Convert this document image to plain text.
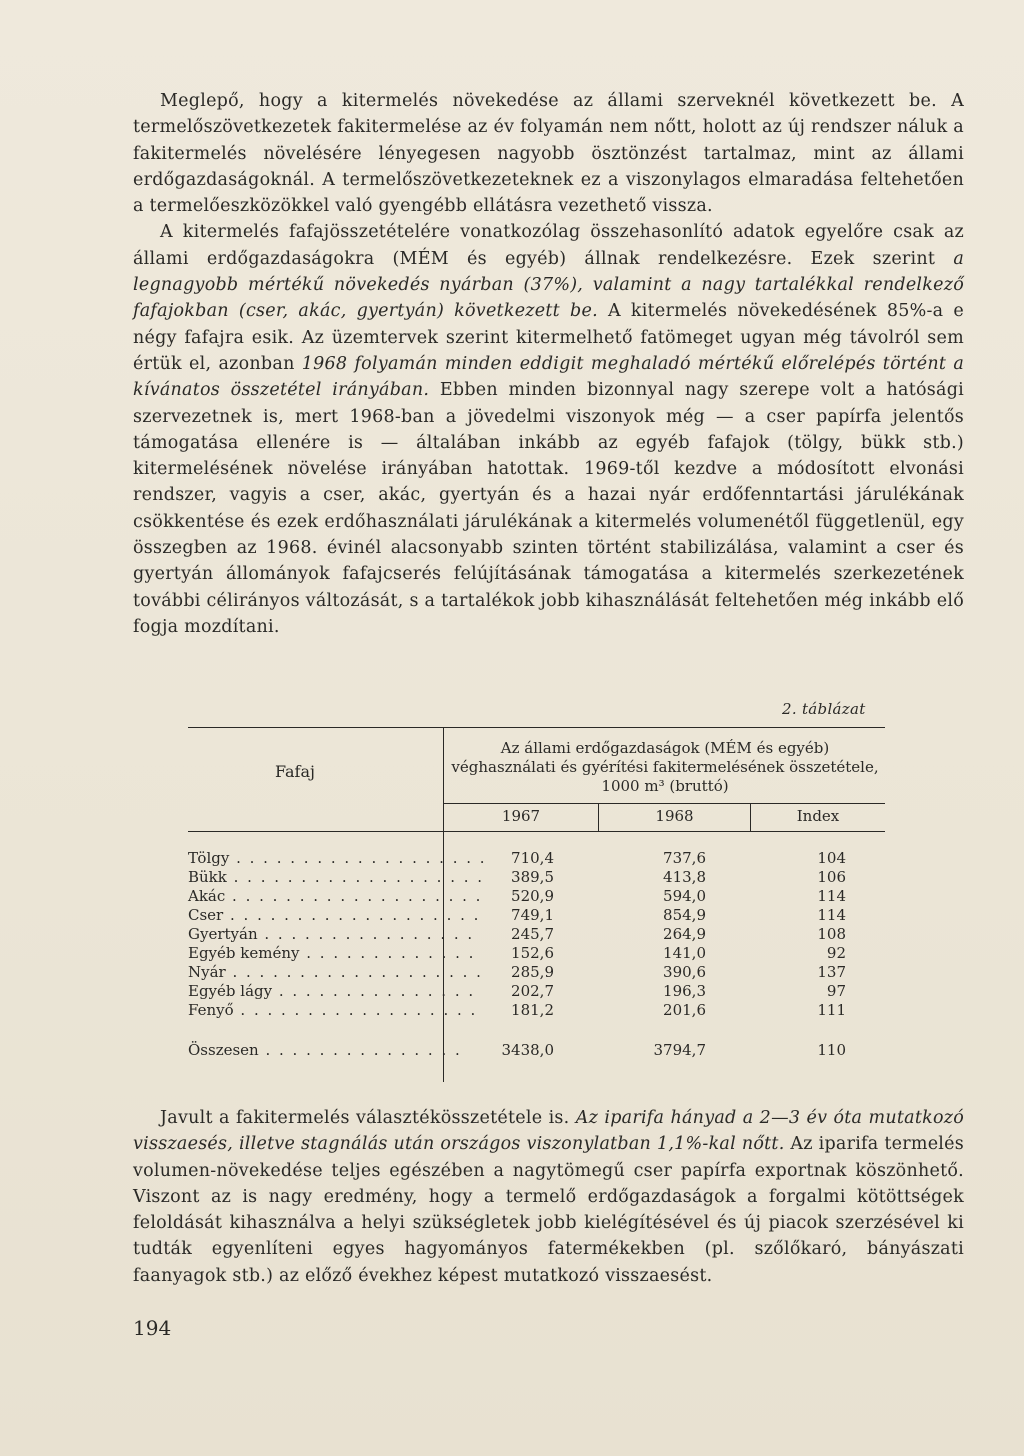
Meglepő, hogy a kitermelés növekedése az állami szerveknél következett be. A termelőszövetkezetek fakitermelése az év folyamán nem nőtt, holott az új rendszer náluk a fakitermelés növelésére lényegesen nagyobb ösztönzést tartalmaz, mint az állami erdőgazdaságoknál. A termelőszövetkezeteknek ez a viszonylagos elmaradása feltehetően a termelőeszközökkel való gyengébb ellátásra vezethető vissza.

A kitermelés fafajösszetételére vonatkozólag összehasonlító adatok egyelőre csak az állami erdőgazdaságokra (MÉM és egyéb) állnak rendelkezésre. Ezek szerint a legnagyobb mértékű növekedés nyárban (37%), valamint a nagy tartalékkal rendelkező fafajokban (cser, akác, gyertyán) következett be. A kitermelés növekedésének 85%-a e négy fafajra esik. Az üzemtervek szerint kitermelhető fatömeget ugyan még távolról sem értük el, azonban 1968 folyamán minden eddigit meghaladó mértékű előrelépés történt a kívánatos összetétel irányában. Ebben minden bizonnyal nagy szerepe volt a hatósági szervezetnek is, mert 1968-ban a jövedelmi viszonyok még — a cser papírfa jelentős támogatása ellenére is — általában inkább az egyéb fafajok (tölgy, bükk stb.) kitermelésének növelése irányában hatottak. 1969-től kezdve a módosított elvonási rendszer, vagyis a cser, akác, gyertyán és a hazai nyár erdőfenntartási járulékának csökkentése és ezek erdőhasználati járulékának a kitermelés volumenétől függetlenül, egy összegben az 1968. évinél alacsonyabb szinten történt stabilizálása, valamint a cser és gyertyán állományok fafajcserés felújításának támogatása a kitermelés szerkezetének további célirányos változását, s a tartalékok jobb kihasználását feltehetően még inkább elő fogja mozdítani.

2. táblázat
Fafaj
Az állami erdőgazdaságok (MÉM és egyéb) véghasználati és gyérítési fakitermelésének összetétele, 1000 m³ (bruttó)
1967	1968	Index
Tölgy . . . . . . . . . . . . . . . . . . .	710,4	737,6	104
Bükk . . . . . . . . . . . . . . . . . . .	389,5	413,8	106
Akác . . . . . . . . . . . . . . . . . . .	520,9	594,0	114
Cser . . . . . . . . . . . . . . . . . . .	749,1	854,9	114
Gyertyán . . . . . . . . . . . . . . . .	245,7	264,9	108
Egyéb kemény . . . . . . . . . . . . .	152,6	141,0	92
Nyár . . . . . . . . . . . . . . . . . . .	285,9	390,6	137
Egyéb lágy . . . . . . . . . . . . . . .	202,7	196,3	97
Fenyő . . . . . . . . . . . . . . . . . .	181,2	201,6	111
Összesen . . . . . . . . . . . . . . .	3438,0	3794,7	110

Javult a fakitermelés választékösszetétele is. Az iparifa hányad a 2—3 év óta mutatkozó visszaesés, illetve stagnálás után országos viszonylatban 1,1%-kal nőtt. Az iparifa termelés volumen-növekedése teljes egészében a nagytömegű cser papírfa exportnak köszönhető. Viszont az is nagy eredmény, hogy a termelő erdőgazdaságok a forgalmi kötöttségek feloldását kihasználva a helyi szükségletek jobb kielégítésével és új piacok szerzésével ki tudták egyenlíteni egyes hagyományos fatermékekben (pl. szőlőkaró, bányászati faanyagok stb.) az előző évekhez képest mutatkozó visszaesést.

194
